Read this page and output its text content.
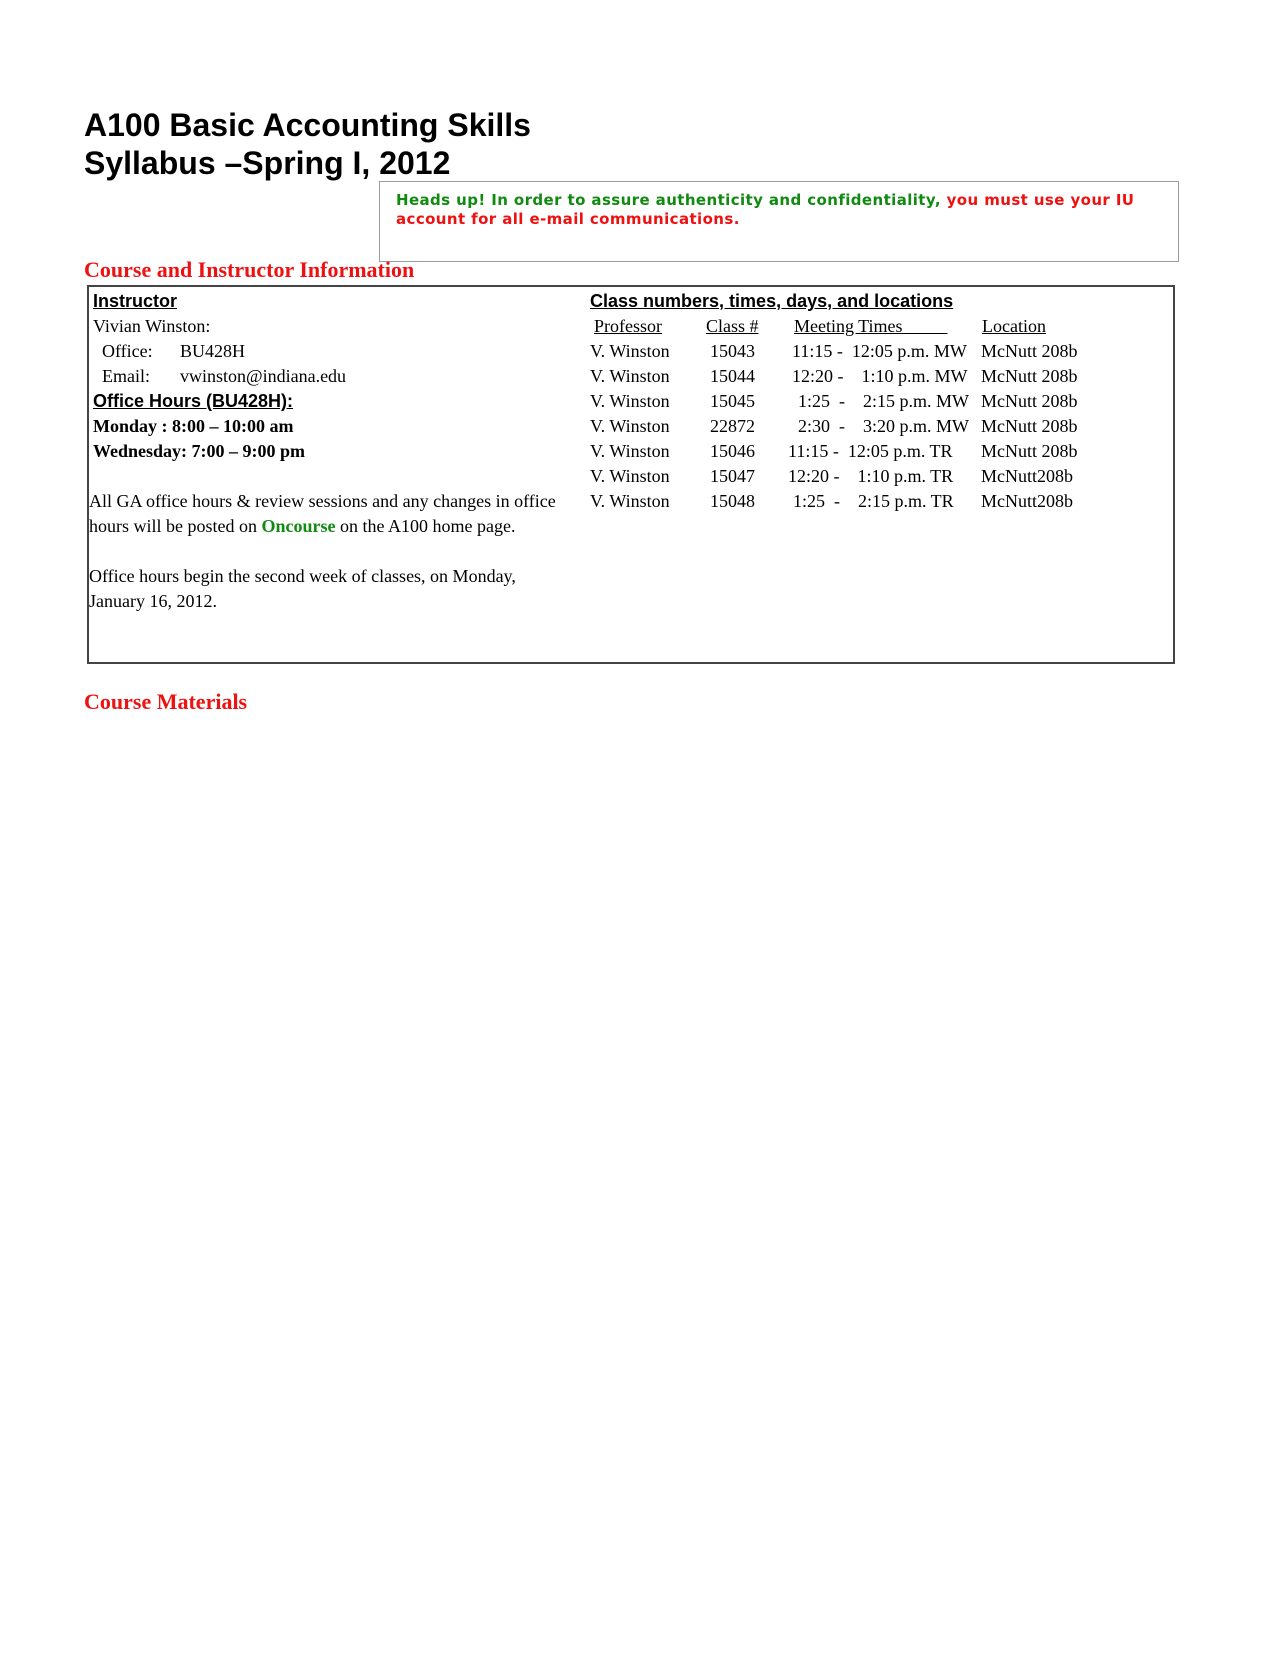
A100 Basic Accounting Skills
Syllabus –Spring I, 2012
Heads up! In order to assure authenticity and confidentiality, you must use your IU account for all e-mail communications.
Course and Instructor Information
Instructor
Vivian Winston:
Office: BU428H
Email: vwinston@indiana.edu
Office Hours (BU428H):
Monday : 8:00 – 10:00 am
Wednesday: 7:00 – 9:00 pm
All GA office hours & review sessions and any changes in office hours will be posted on Oncourse on the A100 home page.
Office hours begin the second week of classes, on Monday, January 16, 2012.
Class numbers, times, days, and locations
Professor Class # Meeting Times Location
V. Winston 15043 11:15 -  12:05 p.m. MW McNutt 208b
V. Winston 15044 12:20 -    1:10 p.m. MW McNutt 208b
V. Winston 15045 1:25  -    2:15 p.m. MW McNutt 208b
V. Winston 22872 2:30  -    3:20 p.m. MW McNutt 208b
V. Winston 15046 11:15 -  12:05 p.m. TR McNutt 208b
V. Winston 15047 12:20 -    1:10 p.m. TR McNutt208b
V. Winston 15048 1:25  -    2:15 p.m. TR McNutt208b
Course Materials
